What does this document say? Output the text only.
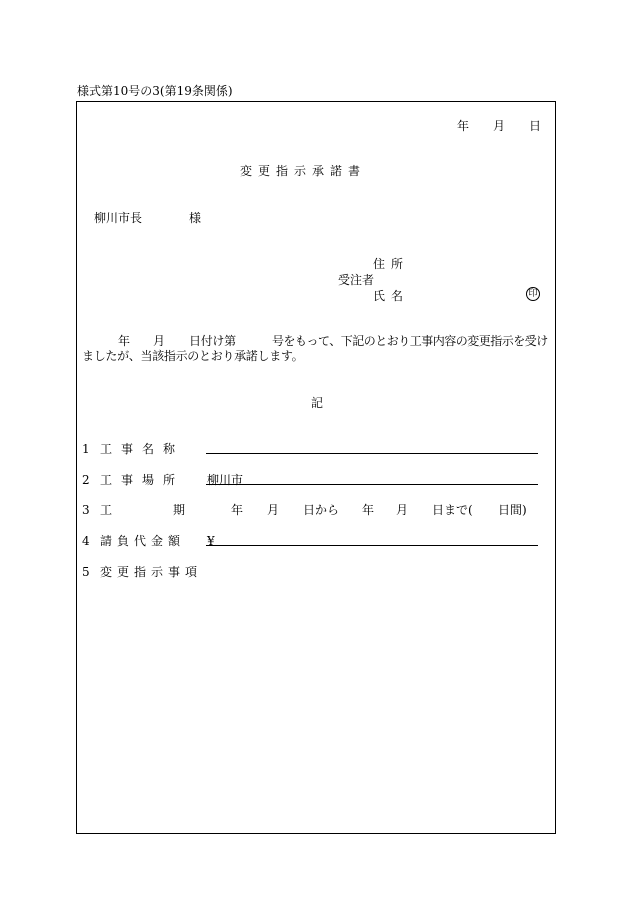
様式第10号の3(第19条関係)
年 月 日
変更指示承諾書
柳川市長	様
住所
受注者
氏名	印
年 月 日付け第	号をもって、下記のとおり工事内容の変更指示を受け
ましたが、当該指示のとおり承諾します。
記
1 工事名称
2 工事場所 柳川市
3 工	期	年 月 日から 年 月 日まで( 日間)
4 請負代金額 ¥
5 変更指示事項
